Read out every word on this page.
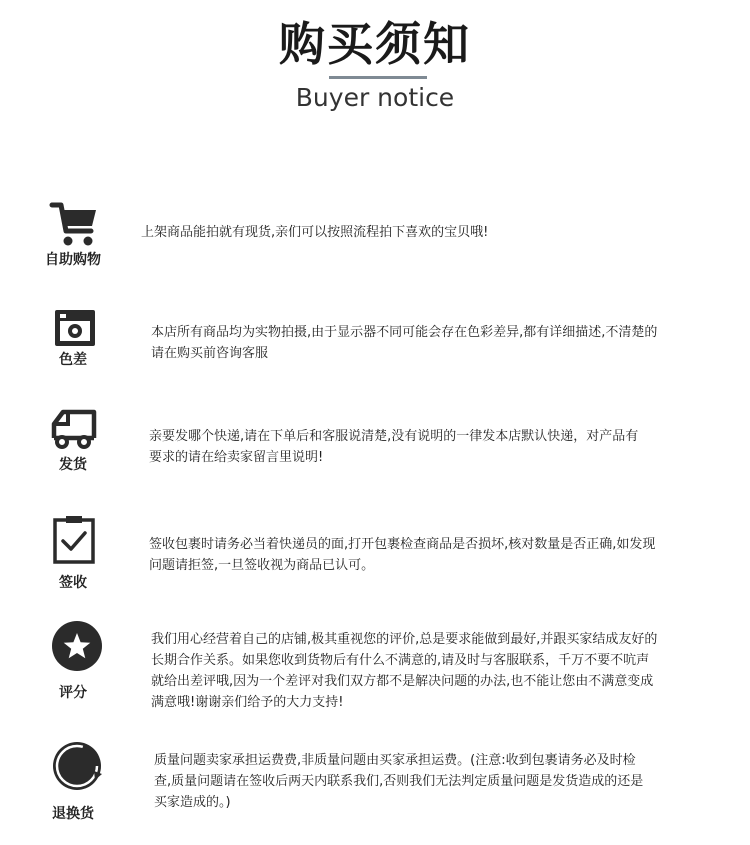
购买须知
Buyer notice
自助购物
上架商品能拍就有现货,亲们可以按照流程拍下喜欢的宝贝哦!
色差
本店所有商品均为实物拍摄,由于显示器不同可能会存在色彩差异,都有详细描述,不清楚的
请在购买前咨询客服
发货
亲要发哪个快递,请在下单后和客服说清楚,没有说明的一律发本店默认快递，对产品有
要求的请在给卖家留言里说明!
签收
签收包裹时请务必当着快递员的面,打开包裹检查商品是否损坏,核对数量是否正确,如发现
问题请拒签,一旦签收视为商品已认可。
评分
我们用心经营着自己的店铺,极其重视您的评价,总是要求能做到最好,并跟买家结成友好的
长期合作关系。如果您收到货物后有什么不满意的,请及时与客服联系，千万不要不吭声
就给出差评哦,因为一个差评对我们双方都不是解决问题的办法,也不能让您由不满意变成
满意哦!谢谢亲们给予的大力支持!
退换货
质量问题卖家承担运费费,非质量问题由买家承担运费。(注意:收到包裹请务必及时检
查,质量问题请在签收后两天内联系我们,否则我们无法判定质量问题是发货造成的还是
买家造成的。)
